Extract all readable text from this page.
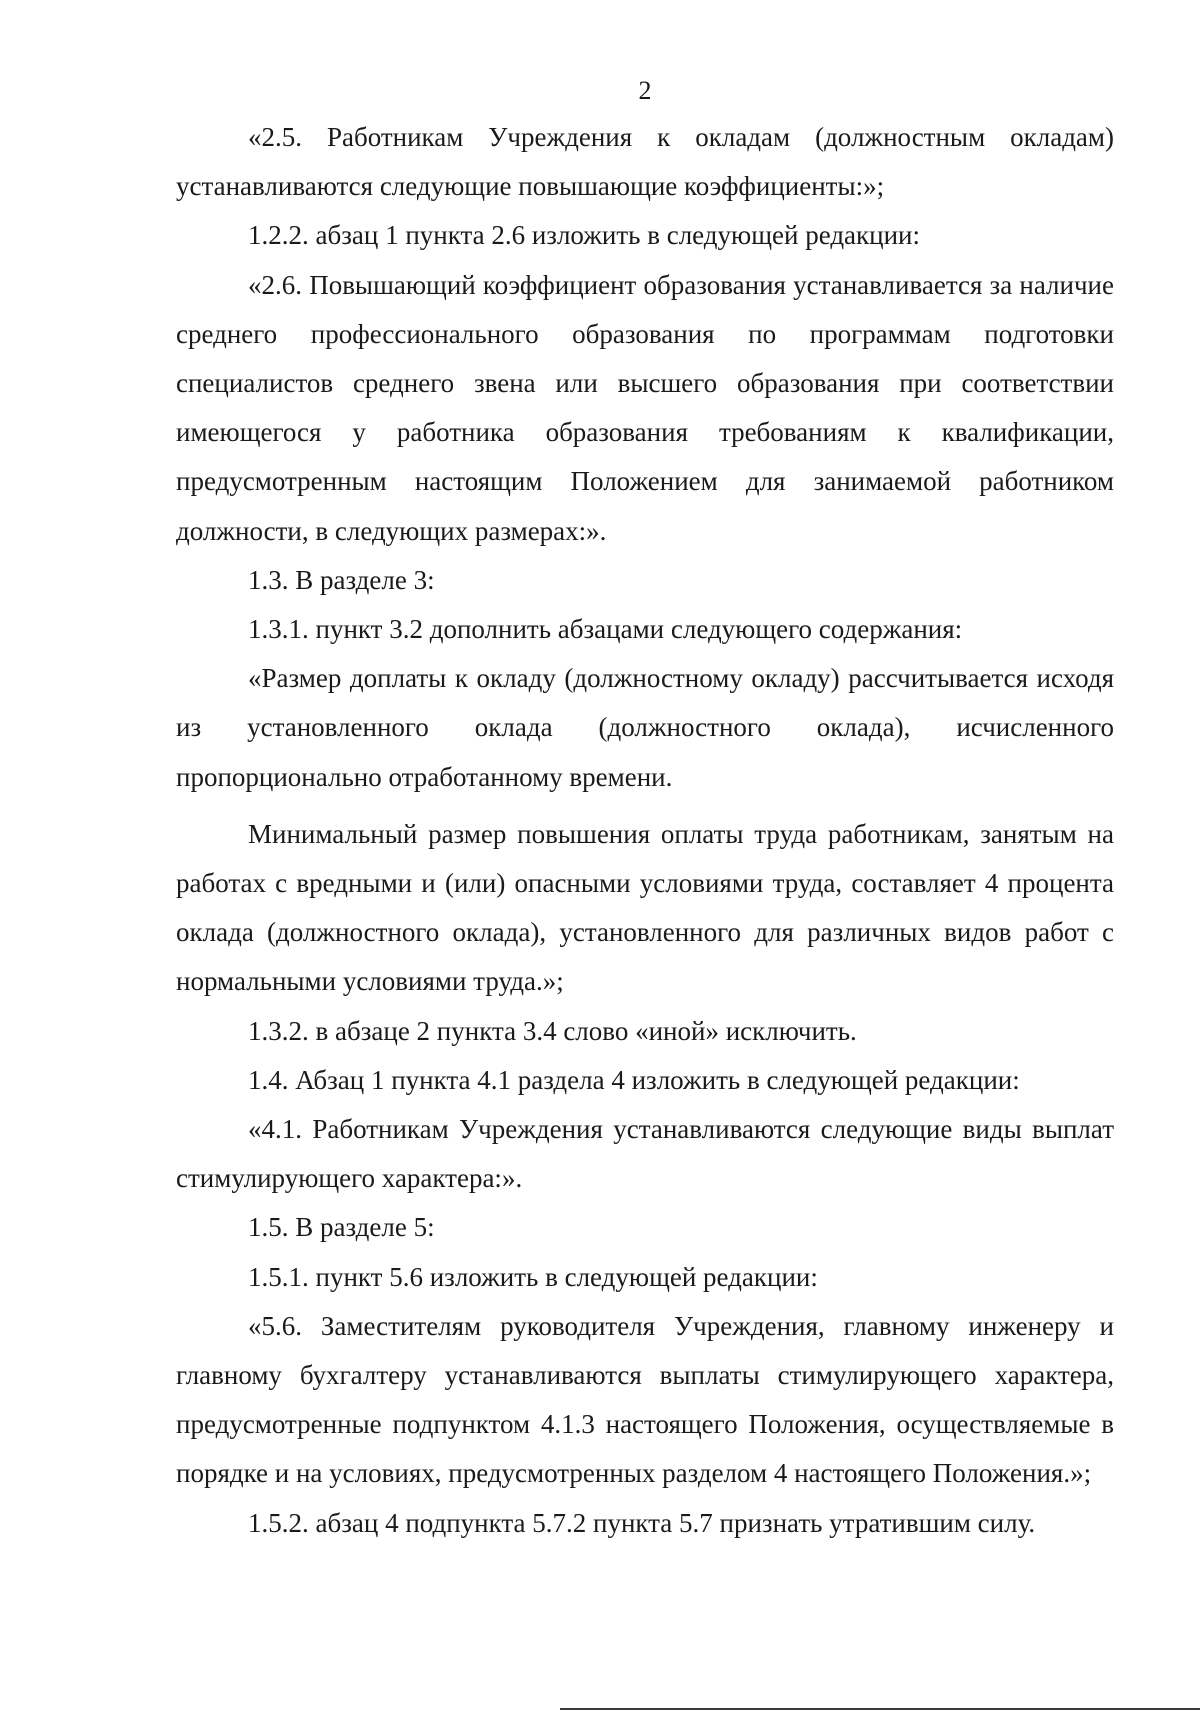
2

«2.5. Работникам Учреждения к окладам (должностным окладам) устанавливаются следующие повышающие коэффициенты:»;

1.2.2. абзац 1 пункта 2.6 изложить в следующей редакции:

«2.6. Повышающий коэффициент образования устанавливается за наличие среднего профессионального образования по программам подготовки специалистов среднего звена или высшего образования при соответствии имеющегося у работника образования требованиям к квалификации, предусмотренным настоящим Положением для занимаемой работником должности, в следующих размерах:».

1.3. В разделе 3:

1.3.1. пункт 3.2 дополнить абзацами следующего содержания:

«Размер доплаты к окладу (должностному окладу) рассчитывается исходя из установленного оклада (должностного оклада), исчисленного пропорционально отработанному времени.

Минимальный размер повышения оплаты труда работникам, занятым на работах с вредными и (или) опасными условиями труда, составляет 4 процента оклада (должностного оклада), установленного для различных видов работ с нормальными условиями труда.»;

1.3.2. в абзаце 2 пункта 3.4 слово «иной» исключить.

1.4. Абзац 1 пункта 4.1 раздела 4 изложить в следующей редакции:

«4.1. Работникам Учреждения устанавливаются следующие виды выплат стимулирующего характера:».

1.5. В разделе 5:

1.5.1. пункт 5.6 изложить в следующей редакции:

«5.6. Заместителям руководителя Учреждения, главному инженеру и главному бухгалтеру устанавливаются выплаты стимулирующего характера, предусмотренные подпунктом 4.1.3 настоящего Положения, осуществляемые в порядке и на условиях, предусмотренных разделом 4 настоящего Положения.»;

1.5.2. абзац 4 подпункта 5.7.2 пункта 5.7 признать утратившим силу.
